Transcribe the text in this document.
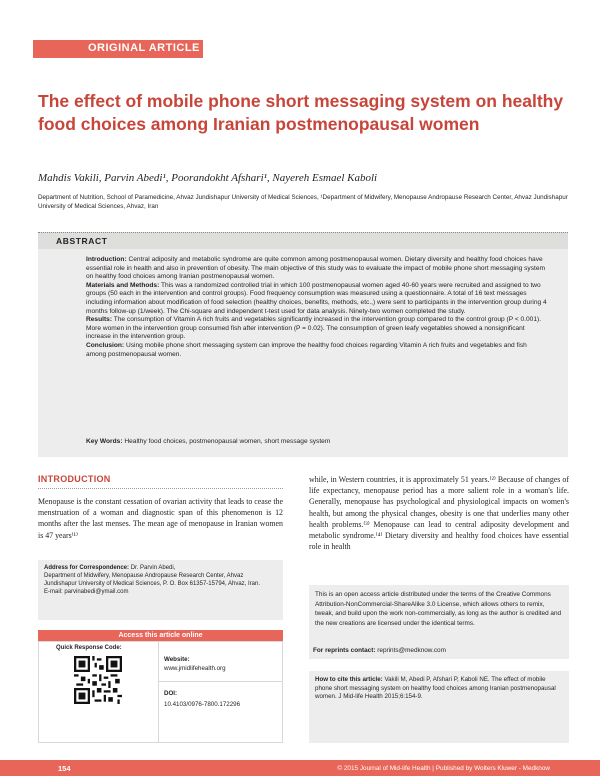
ORIGINAL ARTICLE
The effect of mobile phone short messaging system on healthy food choices among Iranian postmenopausal women
Mahdis Vakili, Parvin Abedi¹, Poorandokht Afshari¹, Nayereh Esmael Kaboli
Department of Nutrition, School of Paramedicine, Ahvaz Jundishapur University of Medical Sciences, ¹Department of Midwifery, Menopause Andropause Research Center, Ahvaz Jundishapur University of Medical Sciences, Ahvaz, Iran
ABSTRACT

Introduction: Central adiposity and metabolic syndrome are quite common among postmenopausal women. Dietary diversity and healthy food choices have essential role in health and also in prevention of obesity. The main objective of this study was to evaluate the impact of mobile phone short messaging system on healthy food choices among Iranian postmenopausal women.

Materials and Methods: This was a randomized controlled trial in which 100 postmenopausal women aged 40-60 years were recruited and assigned to two groups (50 each in the intervention and control groups). Food frequency consumption was measured using a questionnaire. A total of 16 text messages including information about modification of food selection (healthy choices, benefits, methods, etc.,) were sent to participants in the intervention group during 4 months follow-up (1/week). The Chi-square and independent t-test used for data analysis. Ninety-two women completed the study.

Results: The consumption of Vitamin A rich fruits and vegetables significantly increased in the intervention group compared to the control group (P < 0.001). More women in the intervention group consumed fish after intervention (P = 0.02). The consumption of green leafy vegetables showed a nonsignificant increase in the intervention group.

Conclusion: Using mobile phone short messaging system can improve the healthy food choices regarding Vitamin A rich fruits and vegetables and fish among postmenopausal women.

Key Words: Healthy food choices, postmenopausal women, short message system
INTRODUCTION
Menopause is the constant cessation of ovarian activity that leads to cease the menstruation of a woman and diagnostic span of this phenomenon is 12 months after the last menses. The mean age of menopause in Iranian women is 47 years⁽¹⁾
while, in Western countries, it is approximately 51 years.⁽²⁾ Because of changes of life expectancy, menopause period has a more salient role in a woman's life. Generally, menopause has psychological and physiological impacts on women's health, but among the physical changes, obesity is one that underlies many other health problems.⁽³⁾ Menopause can lead to central adiposity development and metabolic syndrome.⁽⁴⁾ Dietary diversity and healthy food choices have essential role in health
Address for Correspondence: Dr. Parvin Abedi,
Department of Midwifery, Menopause Andropause Research Center, Ahvaz Jundishapur University of Medical Sciences, P. O. Box 61357-15794, Ahvaz, Iran.
E-mail: parvinabedi@ymail.com	This is an open access article distributed under the terms of the Creative Commons Attribution-NonCommercial-ShareAlike 3.0 License, which allows others to remix, tweak, and build upon the work non-commercially, as long as the author is credited and the new creations are licensed under the identical terms.
For reprints contact: reprints@medknow.com
Access this article online
Quick Response Code:
Website:
www.jmidlifehealth.org
DOI:
10.4103/0976-7800.172296
How to cite this article: Vakili M, Abedi P, Afshari P, Kaboli NE. The effect of mobile phone short messaging system on healthy food choices among Iranian postmenopausal women. J Mid-life Health 2015;6:154-9.
154	© 2015 Journal of Mid-life Health | Published by Wolters Kluwer - Medknow
